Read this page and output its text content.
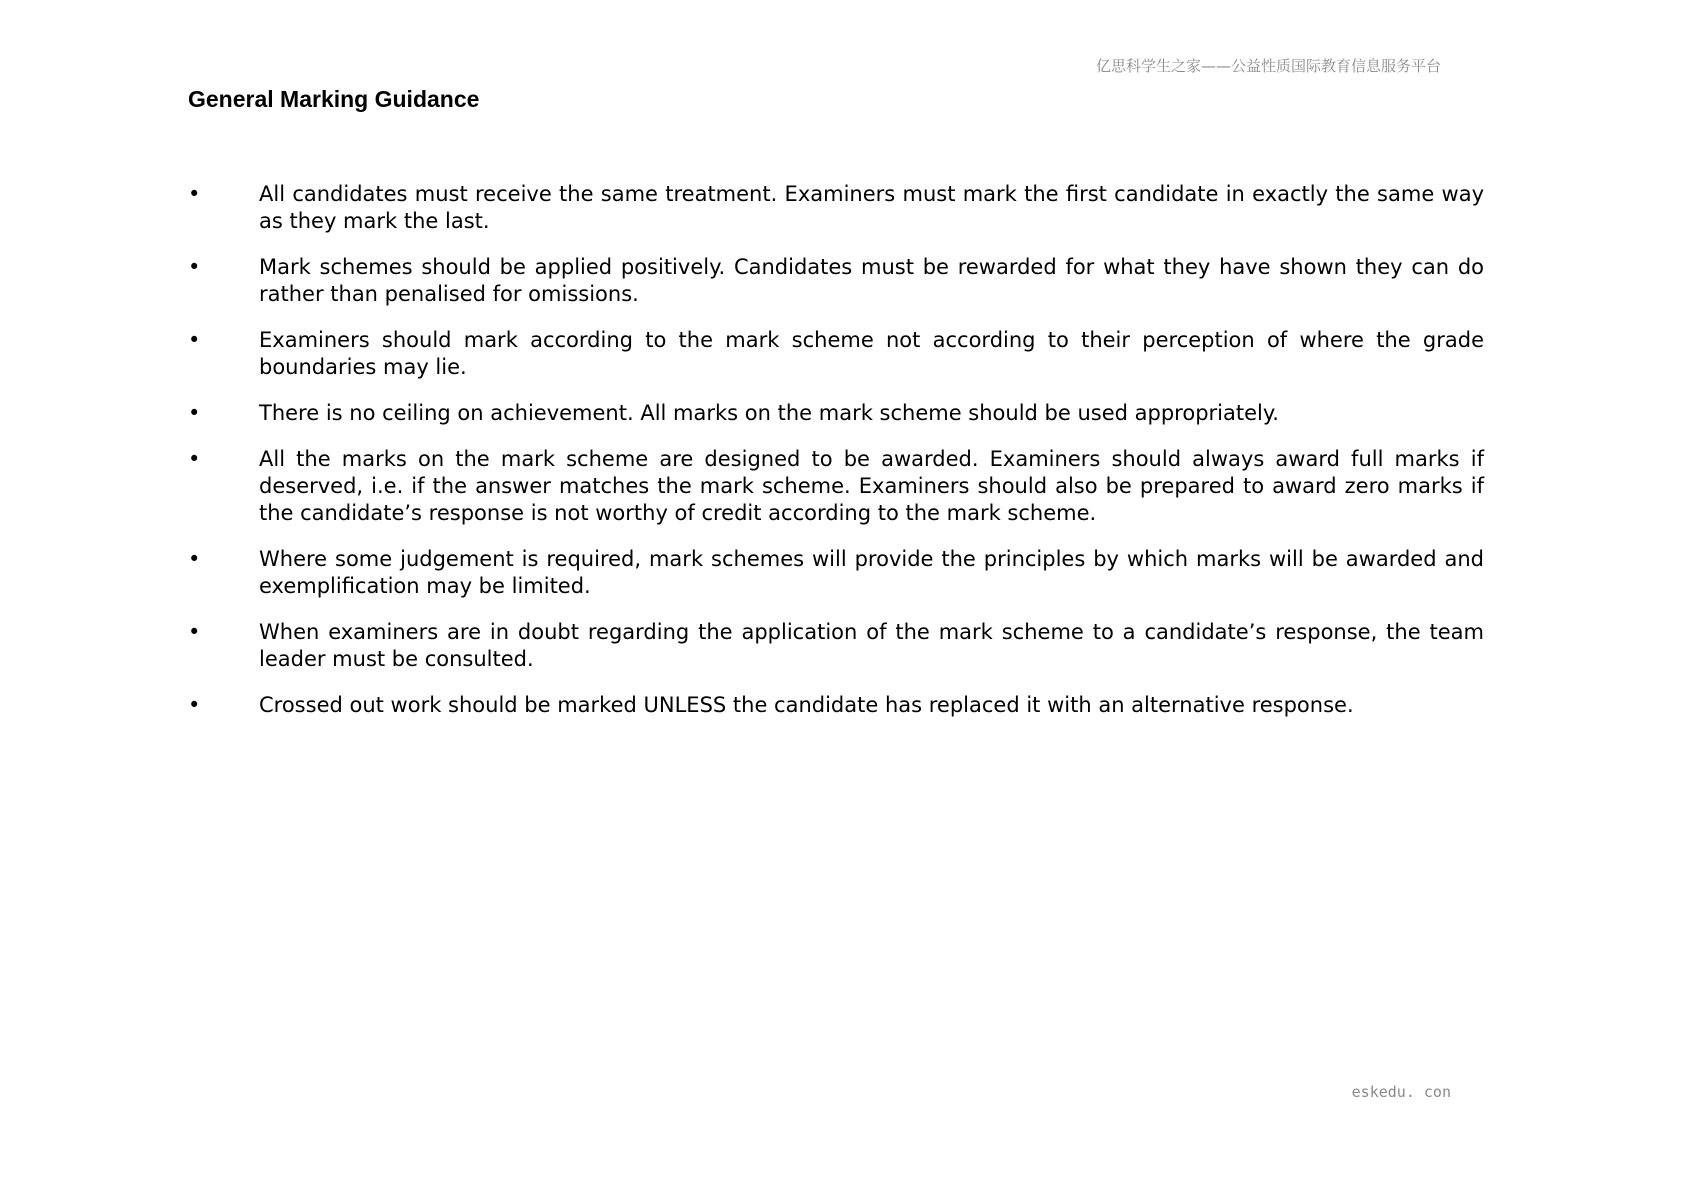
亿思科学生之家——公益性质国际教育信息服务平台
General Marking Guidance
•	All candidates must receive the same treatment. Examiners must mark the first candidate in exactly the same way as they mark the last.
•	Mark schemes should be applied positively. Candidates must be rewarded for what they have shown they can do rather than penalised for omissions.
•	Examiners should mark according to the mark scheme not according to their perception of where the grade boundaries may lie.
•	There is no ceiling on achievement. All marks on the mark scheme should be used appropriately.
•	All the marks on the mark scheme are designed to be awarded. Examiners should always award full marks if deserved, i.e. if the answer matches the mark scheme. Examiners should also be prepared to award zero marks if the candidate’s response is not worthy of credit according to the mark scheme.
•	Where some judgement is required, mark schemes will provide the principles by which marks will be awarded and exemplification may be limited.
•	When examiners are in doubt regarding the application of the mark scheme to a candidate’s response, the team leader must be consulted.
•	Crossed out work should be marked UNLESS the candidate has replaced it with an alternative response.
eskedu. con
